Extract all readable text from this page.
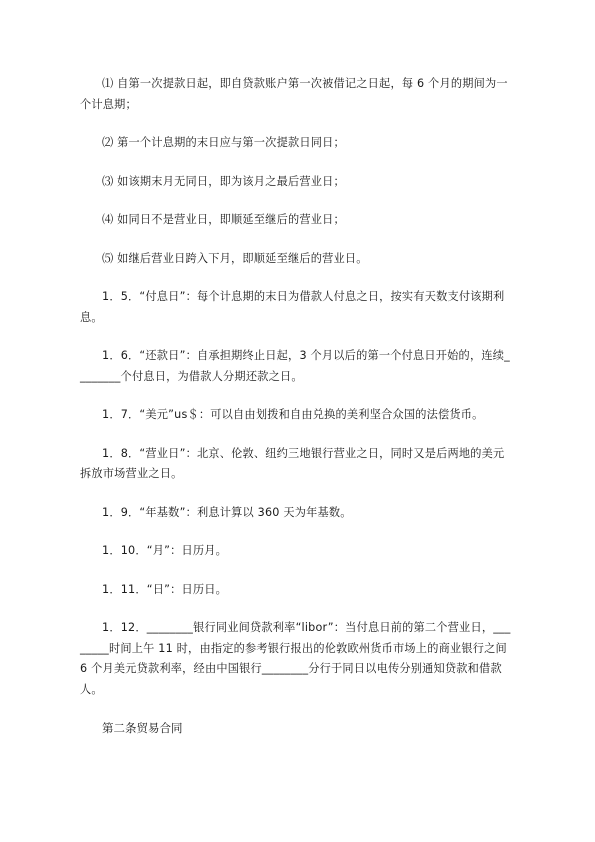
⑴ 自第一次提款日起，即自贷款账户第一次被借记之日起，每 6 个月的期间为一个计息期；

⑵ 第一个计息期的末日应与第一次提款日同日；

⑶ 如该期末月无同日，即为该月之最后营业日；

⑷ 如同日不是营业日，即顺延至继后的营业日；

⑸ 如继后营业日跨入下月，即顺延至继后的营业日。

1．5．“付息日”：每个计息期的末日为借款人付息之日，按实有天数支付该期利息。

1．6．“还款日”：自承担期终止日起，3 个月以后的第一个付息日开始的，连续________个付息日，为借款人分期还款之日。

1．7．“美元”us＄：可以自由划拨和自由兑换的美利坚合众国的法偿货币。

1．8．“营业日”：北京、伦敦、纽约三地银行营业之日，同时又是后两地的美元拆放市场营业之日。

1．9．“年基数”：利息计算以 360 天为年基数。

1．10．“月”：日历月。

1．11．“日”：日历日。

1．12．________银行同业间贷款利率“libor”：当付息日前的第二个营业日，________时间上午 11 时，由指定的参考银行报出的伦敦欧州货币市场上的商业银行之间 6 个月美元贷款利率，经由中国银行________分行于同日以电传分别通知贷款和借款人。

第二条贸易合同
